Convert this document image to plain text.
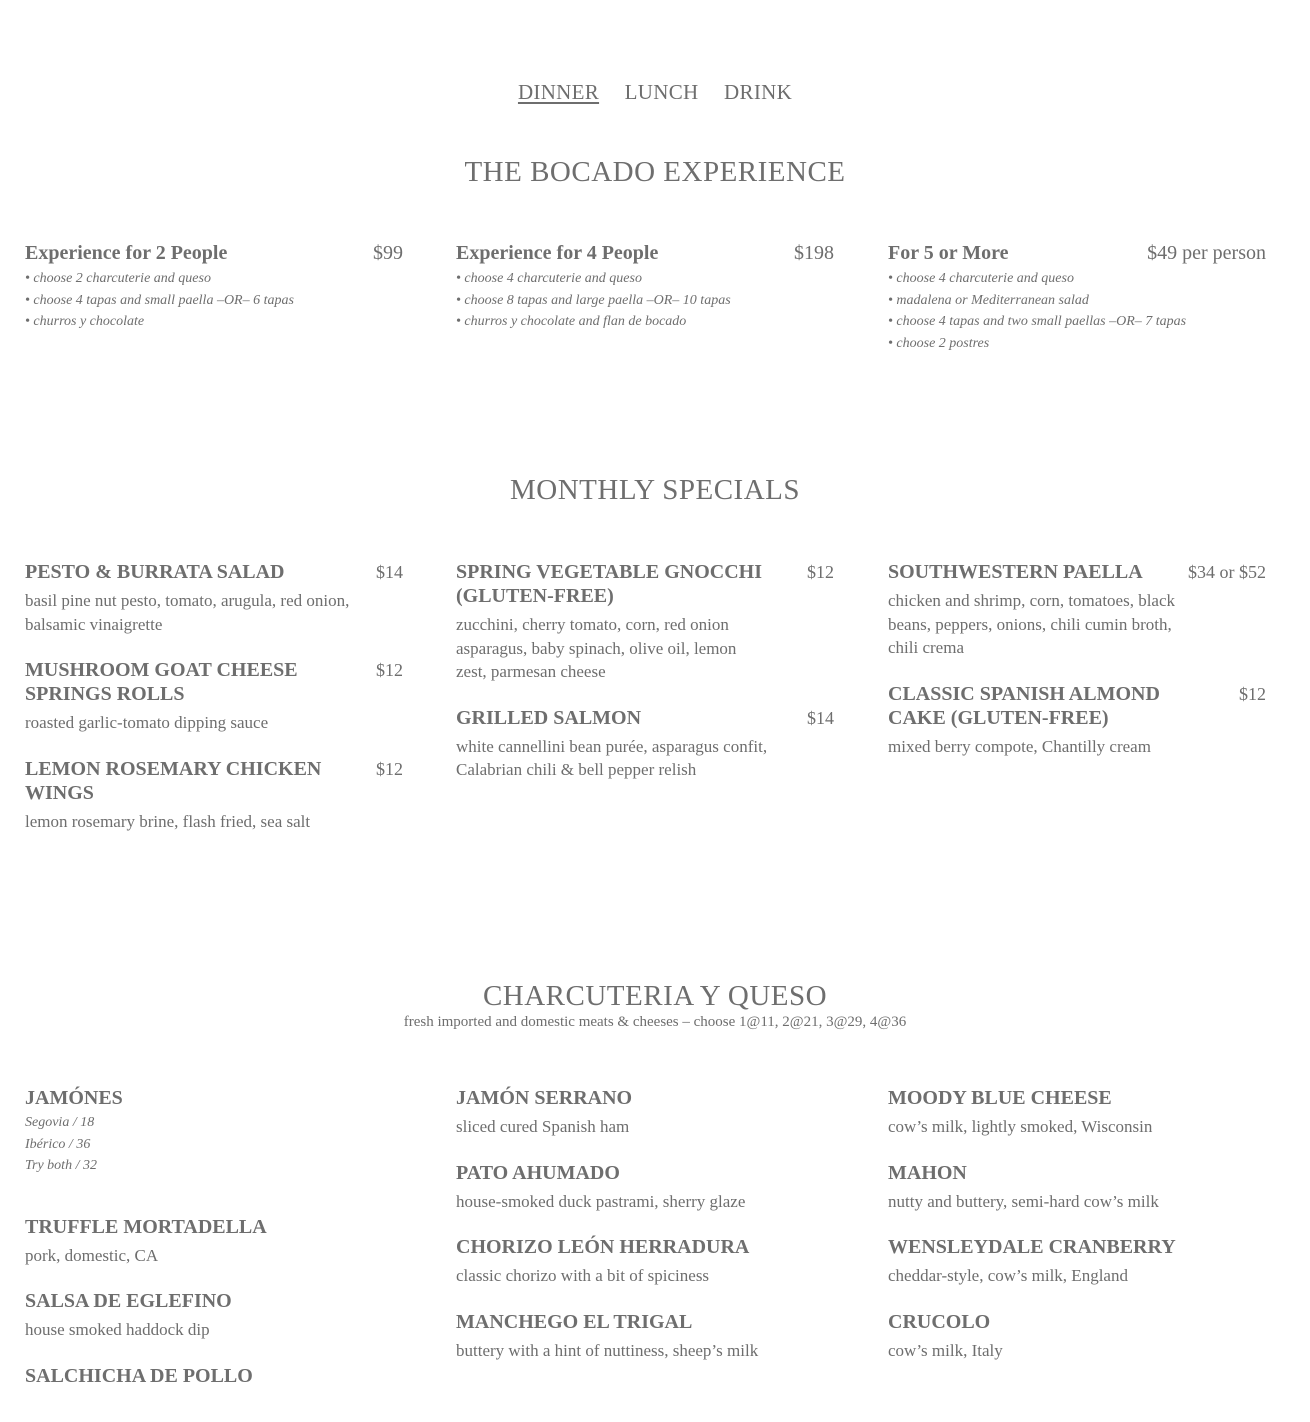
DINNER LUNCH DRINK
THE BOCADO EXPERIENCE
Experience for 2 People	$99
• choose 2 charcuterie and queso
• choose 4 tapas and small paella –OR– 6 tapas
• churros y chocolate
Experience for 4 People	$198
• choose 4 charcuterie and queso
• choose 8 tapas and large paella –OR– 10 tapas
• churros y chocolate and flan de bocado
For 5 or More	$49 per person
• choose 4 charcuterie and queso
• madalena or Mediterranean salad
• choose 4 tapas and two small paellas –OR– 7 tapas
• choose 2 postres
MONTHLY SPECIALS
PESTO & BURRATA SALAD	$14
basil pine nut pesto, tomato, arugula, red onion, balsamic vinaigrette
MUSHROOM GOAT CHEESE SPRINGS ROLLS
$12
roasted garlic-tomato dipping sauce
LEMON ROSEMARY CHICKEN WINGS
$12
lemon rosemary brine, flash fried, sea salt
SPRING VEGETABLE GNOCCHI (GLUTEN-FREE)
$12
zucchini, cherry tomato, corn, red onion asparagus, baby spinach, olive oil, lemon zest, parmesan cheese
GRILLED SALMON	$14
white cannellini bean purée, asparagus confit, Calabrian chili & bell pepper relish
SOUTHWESTERN PAELLA	$34 or $52
chicken and shrimp, corn, tomatoes, black beans, peppers, onions, chili cumin broth, chili crema
CLASSIC SPANISH ALMOND CAKE (GLUTEN-FREE)
$12
mixed berry compote, Chantilly cream
CHARCUTERIA Y QUESO
fresh imported and domestic meats & cheeses – choose 1@11, 2@21, 3@29, 4@36
JAMÓNES
Segovia / 18
Ibérico / 36
Try both / 32
TRUFFLE MORTADELLA
pork, domestic, CA
SALSA DE EGLEFINO
house smoked haddock dip
SALCHICHA DE POLLO
JAMÓN SERRANO
sliced cured Spanish ham
PATO AHUMADO
house-smoked duck pastrami, sherry glaze
CHORIZO LEÓN HERRADURA
classic chorizo with a bit of spiciness
MANCHEGO EL TRIGAL
buttery with a hint of nuttiness, sheep’s milk
MOODY BLUE CHEESE
cow’s milk, lightly smoked, Wisconsin
MAHON
nutty and buttery, semi-hard cow’s milk
WENSLEYDALE CRANBERRY
cheddar-style, cow’s milk, England
CRUCOLO
cow’s milk, Italy
